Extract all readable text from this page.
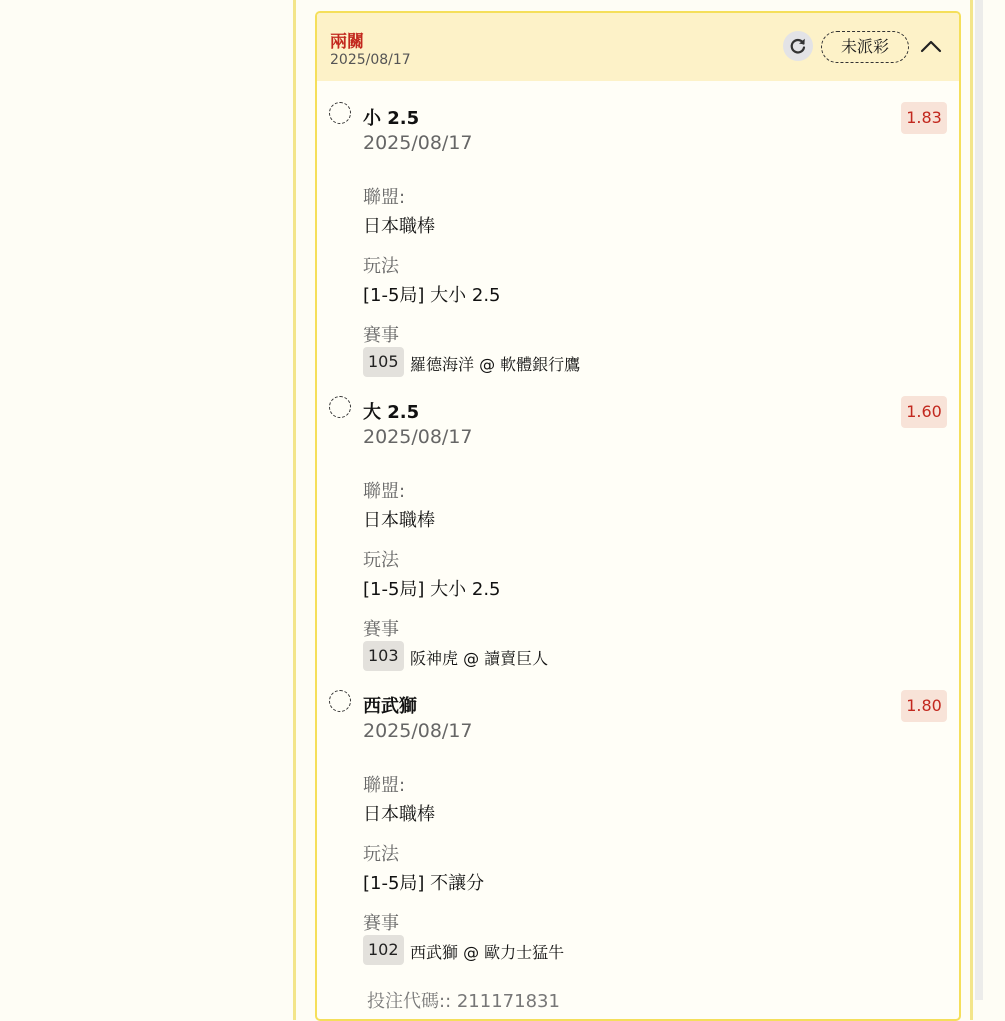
兩關
2025/08/17
未派彩
小 2.5	1.83
2025/08/17
聯盟:
日本職棒
玩法
[1-5局] 大小 2.5
賽事
105 羅德海洋 @ 軟體銀行鷹
大 2.5	1.60
2025/08/17
聯盟:
日本職棒
玩法
[1-5局] 大小 2.5
賽事
103 阪神虎 @ 讀賣巨人
西武獅	1.80
2025/08/17
聯盟:
日本職棒
玩法
[1-5局] 不讓分
賽事
102 西武獅 @ 歐力士猛牛
投注代碼:: 211171831
